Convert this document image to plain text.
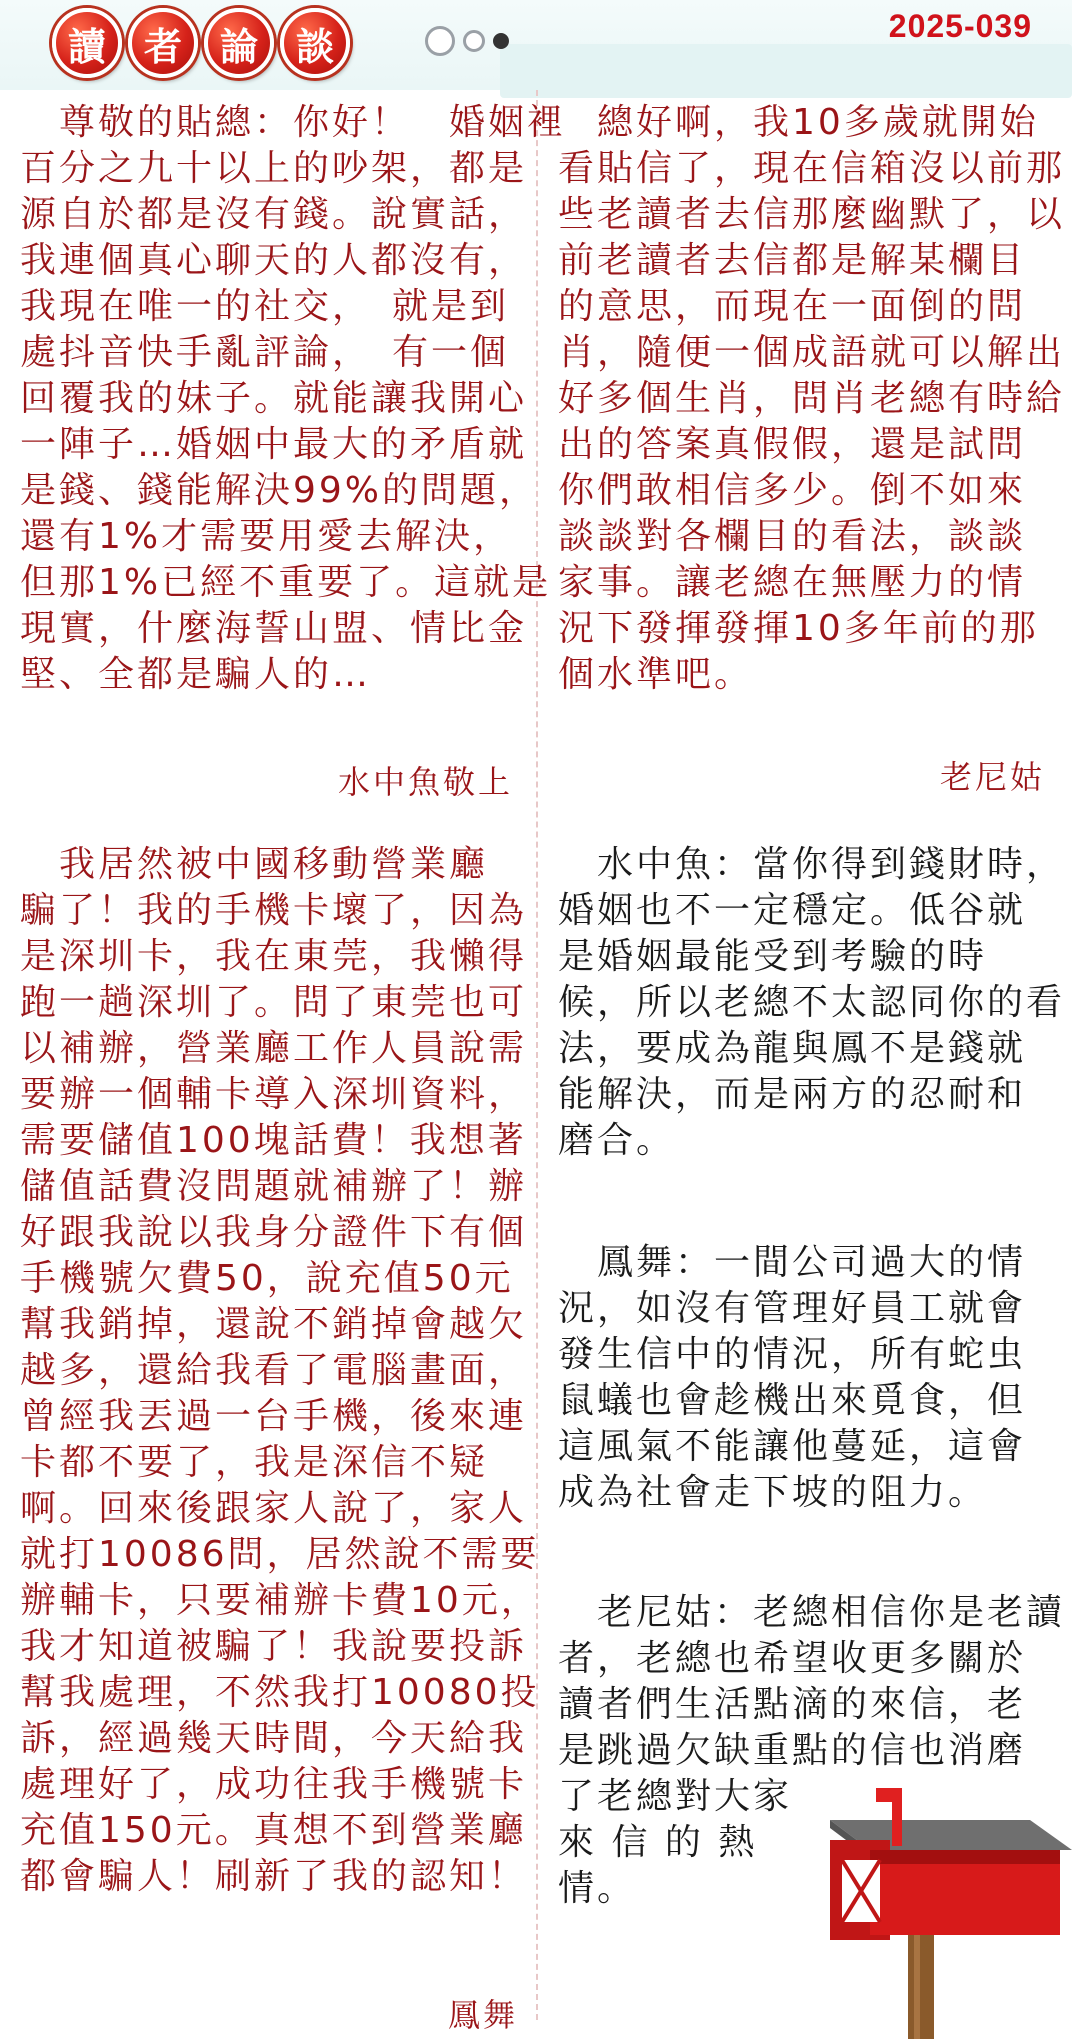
讀 者 論 談	2025-039

　尊敬的貼總：你好！　婚姻裡
百分之九十以上的吵架，都是
源自於都是沒有錢。說實話，
我連個真心聊天的人都沒有，
我現在唯一的社交，　就是到
處抖音快手亂評論，　有一個
回覆我的妹子。就能讓我開心
一陣子…婚姻中最大的矛盾就
是錢、錢能解決99%的問題，
還有1%才需要用愛去解決，
但那1%已經不重要了。這就是
現實，什麼海誓山盟、情比金
堅、全都是騙人的…

水中魚敬上

　我居然被中國移動營業廳
騙了！我的手機卡壞了，因為
是深圳卡，我在東莞，我懶得
跑一趟深圳了。問了東莞也可
以補辦，營業廳工作人員說需
要辦一個輔卡導入深圳資料，
需要儲值100塊話費！我想著
儲值話費沒問題就補辦了！辦
好跟我說以我身分證件下有個
手機號欠費50，說充值50元
幫我銷掉，還說不銷掉會越欠
越多，還給我看了電腦畫面，
曾經我丟過一台手機，後來連
卡都不要了，我是深信不疑
啊。回來後跟家人說了，家人
就打10086問，居然說不需要
辦輔卡，只要補辦卡費10元，
我才知道被騙了！我說要投訴
幫我處理，不然我打10080投
訴，經過幾天時間，今天給我
處理好了，成功往我手機號卡
充值150元。真想不到營業廳
都會騙人！刷新了我的認知！

鳳舞

　總好啊，我10多歲就開始
看貼信了，現在信箱沒以前那
些老讀者去信那麼幽默了，以
前老讀者去信都是解某欄目
的意思，而現在一面倒的問
肖，隨便一個成語就可以解出
好多個生肖，問肖老總有時給
出的答案真假假，還是試問
你們敢相信多少。倒不如來
談談對各欄目的看法，談談
家事。讓老總在無壓力的情
況下發揮發揮10多年前的那
個水準吧。

老尼姑

　水中魚：當你得到錢財時，
婚姻也不一定穩定。低谷就
是婚姻最能受到考驗的時
候，所以老總不太認同你的看
法，要成為龍與鳳不是錢就
能解決，而是兩方的忍耐和
磨合。

　鳳舞：一間公司過大的情
況，如沒有管理好員工就會
發生信中的情況，所有蛇虫
鼠蟻也會趁機出來覓食，但
這風氣不能讓他蔓延，這會
成為社會走下坡的阻力。

　老尼姑：老總相信你是老讀
者，老總也希望收更多關於
讀者們生活點滴的來信，老
是跳過欠缺重點的信也消磨
了老總對大家
來 信 的 熱
情。
